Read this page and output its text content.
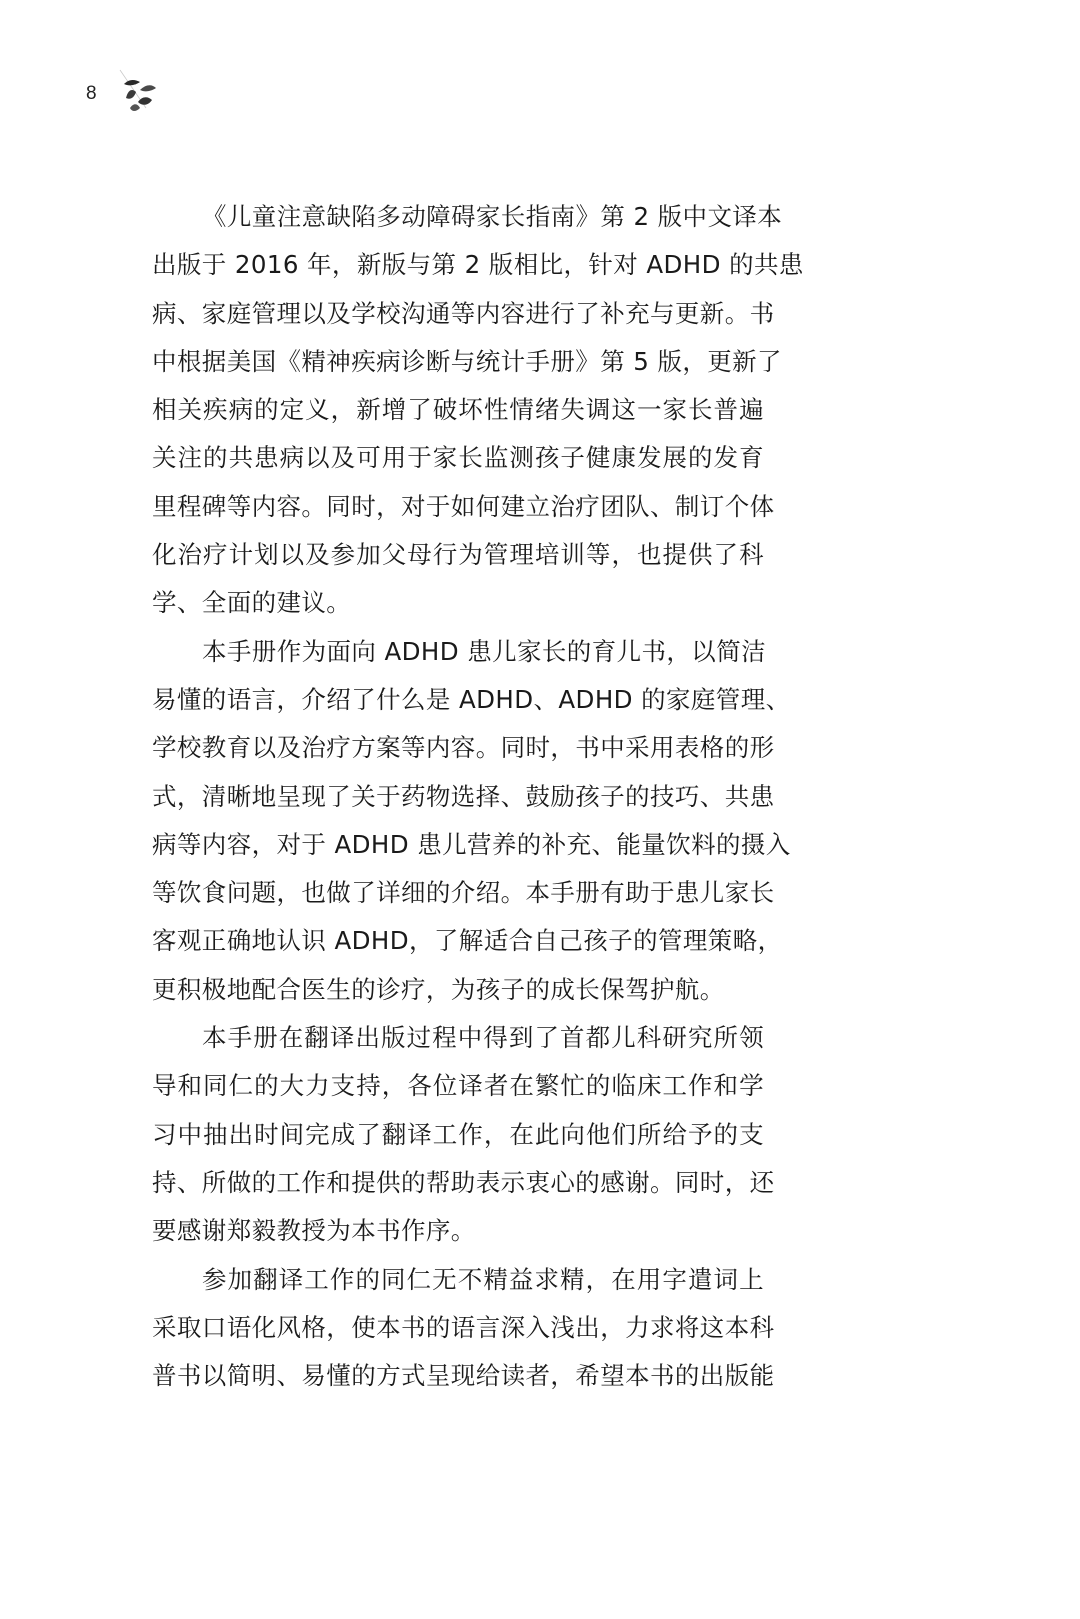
8
《儿童注意缺陷多动障碍家长指南》第 2 版中文译本
出版于 2016 年，新版与第 2 版相比，针对 ADHD 的共患
病、家庭管理以及学校沟通等内容进行了补充与更新。书
中根据美国《精神疾病诊断与统计手册》第 5 版，更新了
相关疾病的定义，新增了破坏性情绪失调这一家长普遍
关注的共患病以及可用于家长监测孩子健康发展的发育
里程碑等内容。同时，对于如何建立治疗团队、制订个体
化治疗计划以及参加父母行为管理培训等，也提供了科
学、全面的建议。
本手册作为面向 ADHD 患儿家长的育儿书，以简洁
易懂的语言，介绍了什么是 ADHD、ADHD 的家庭管理、
学校教育以及治疗方案等内容。同时，书中采用表格的形
式，清晰地呈现了关于药物选择、鼓励孩子的技巧、共患
病等内容，对于 ADHD 患儿营养的补充、能量饮料的摄入
等饮食问题，也做了详细的介绍。本手册有助于患儿家长
客观正确地认识 ADHD，了解适合自己孩子的管理策略，
更积极地配合医生的诊疗，为孩子的成长保驾护航。
本手册在翻译出版过程中得到了首都儿科研究所领
导和同仁的大力支持，各位译者在繁忙的临床工作和学
习中抽出时间完成了翻译工作，在此向他们所给予的支
持、所做的工作和提供的帮助表示衷心的感谢。同时，还
要感谢郑毅教授为本书作序。
参加翻译工作的同仁无不精益求精，在用字遣词上
采取口语化风格，使本书的语言深入浅出，力求将这本科
普书以简明、易懂的方式呈现给读者，希望本书的出版能
